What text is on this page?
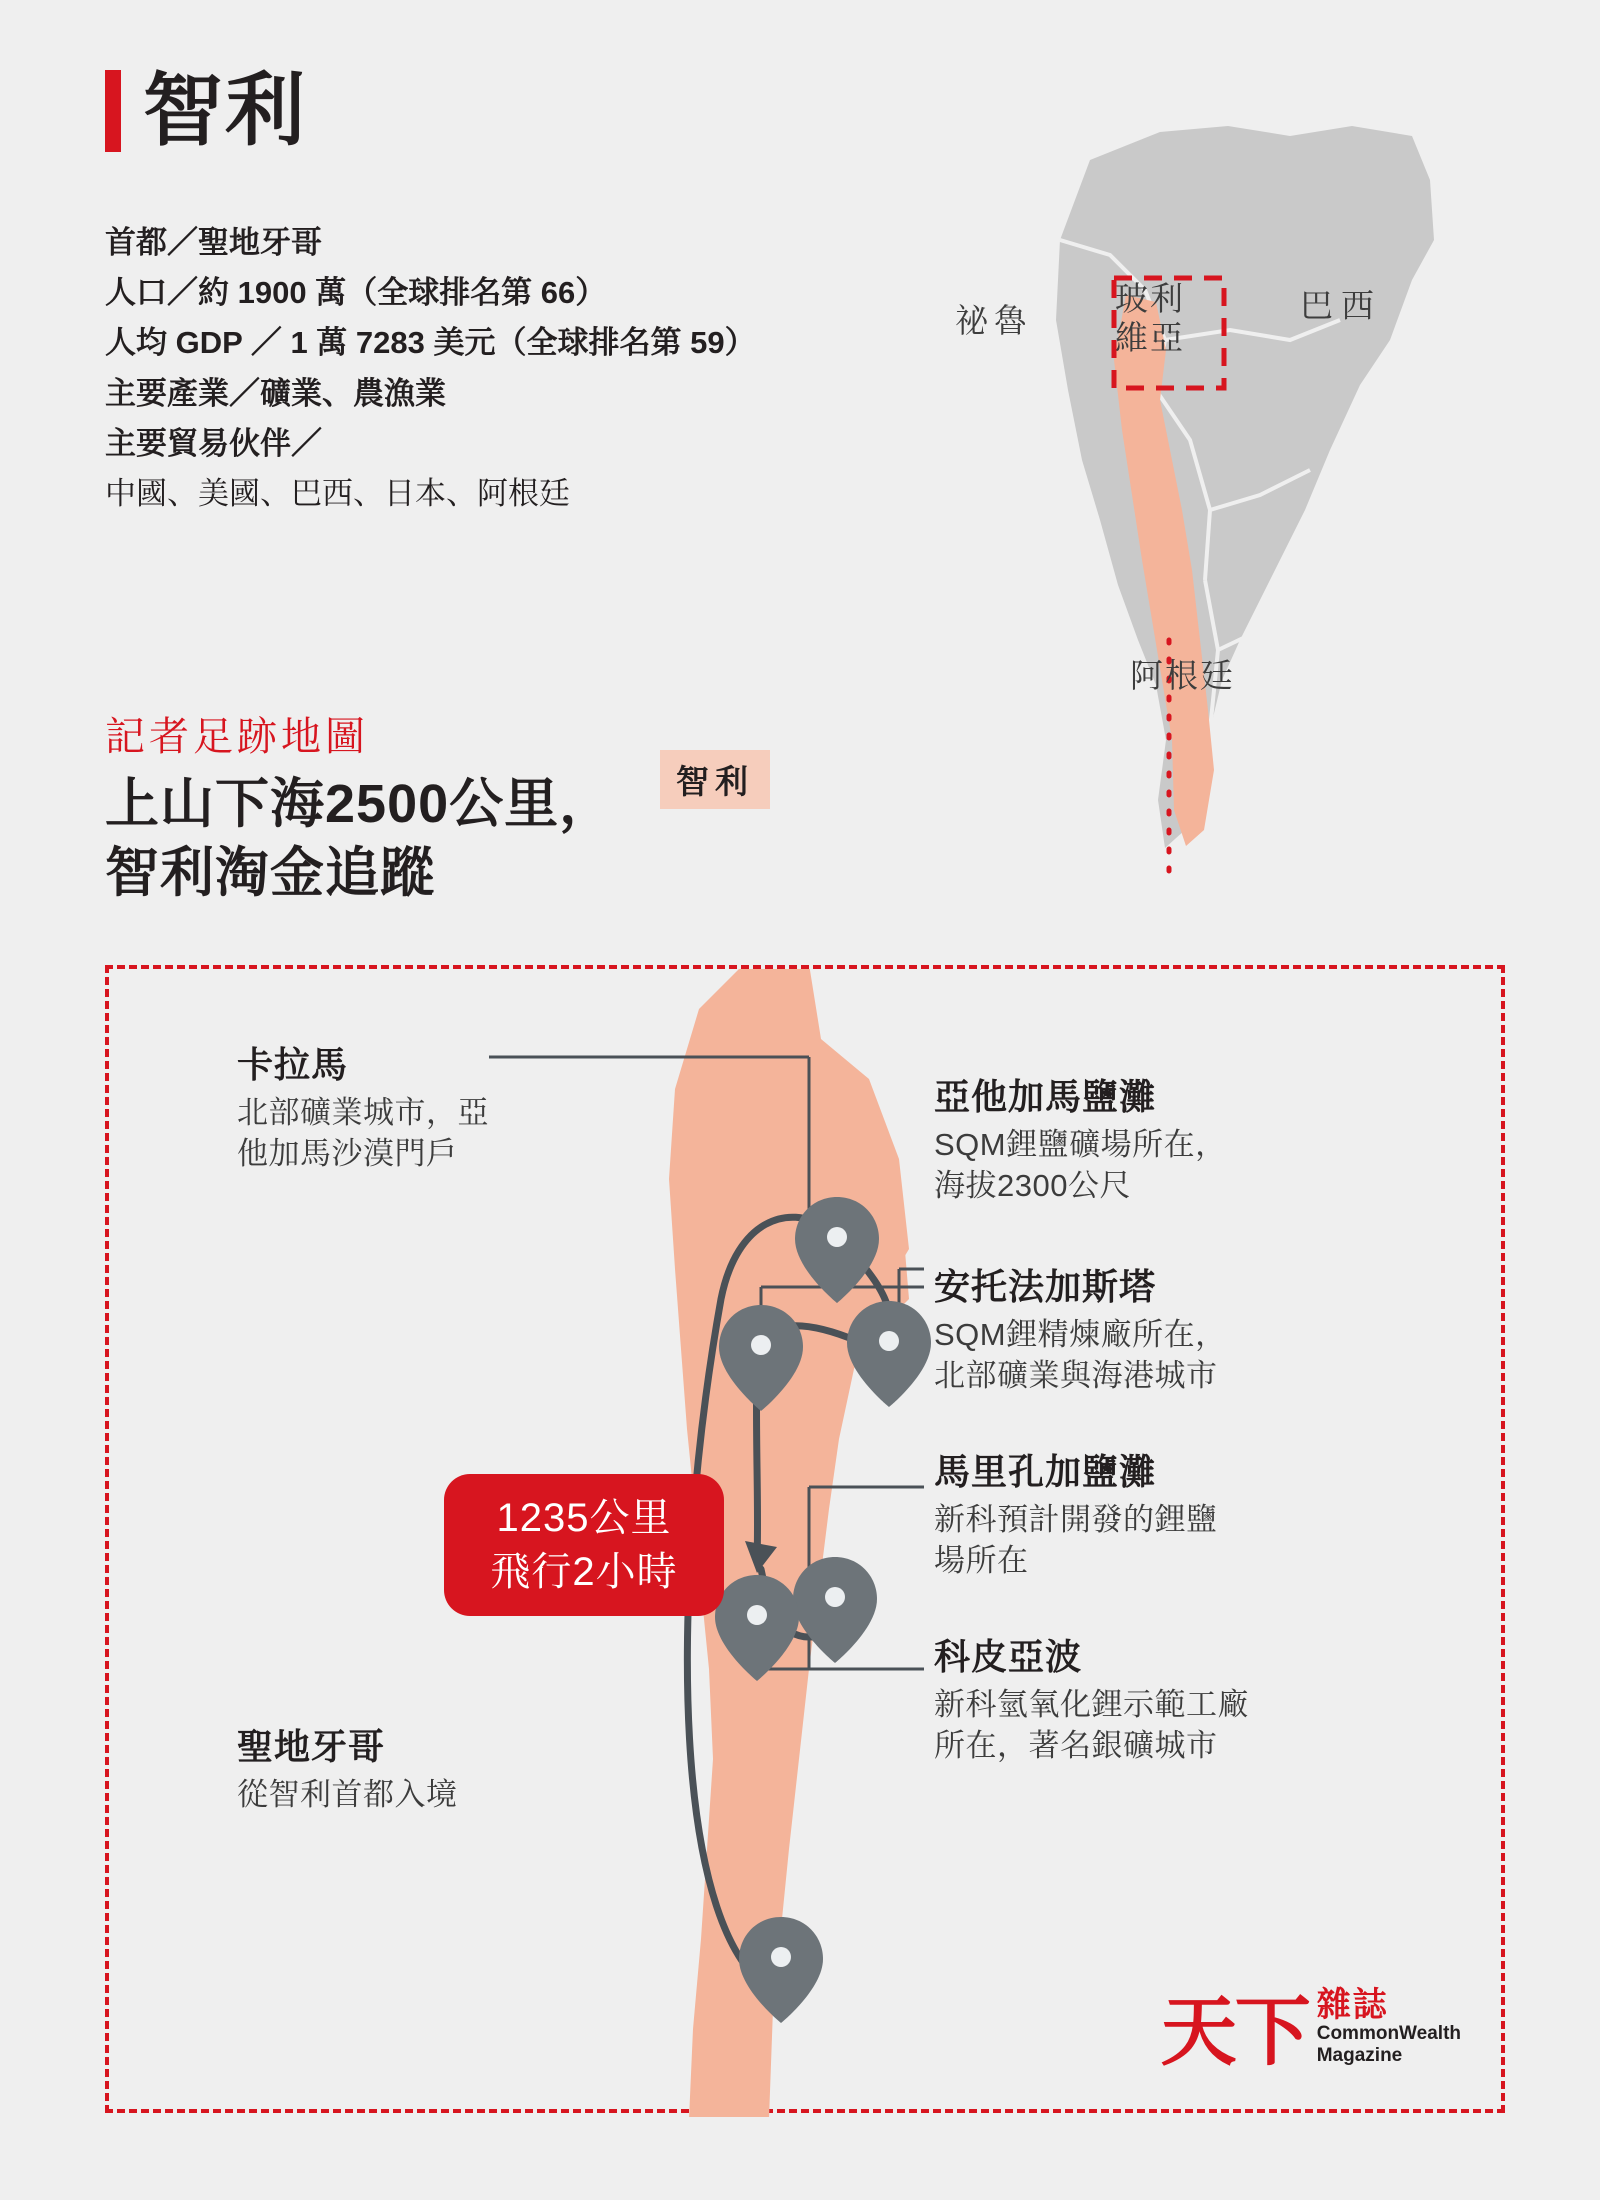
智利
首都／聖地牙哥
人口／約 1900 萬（全球排名第 66）
人均 GDP ／ 1 萬 7283 美元（全球排名第 59）
主要產業／礦業、農漁業
主要貿易伙伴／
中國、美國、巴西、日本、阿根廷
記者足跡地圖
上山下海2500公里，
智利淘金追蹤
祕魯
玻利
維亞
巴西
阿根廷
智利
卡拉馬
北部礦業城市，亞
他加馬沙漠門戶
亞他加馬鹽灘
SQM鋰鹽礦場所在，
海拔2300公尺
安托法加斯塔
SQM鋰精煉廠所在，
北部礦業與海港城市
馬里孔加鹽灘
新科預計開發的鋰鹽
場所在
科皮亞波
新科氫氧化鋰示範工廠
所在，著名銀礦城市
聖地牙哥
從智利首都入境
1235公里
飛行2小時
天下 雜誌
CommonWealth
Magazine
